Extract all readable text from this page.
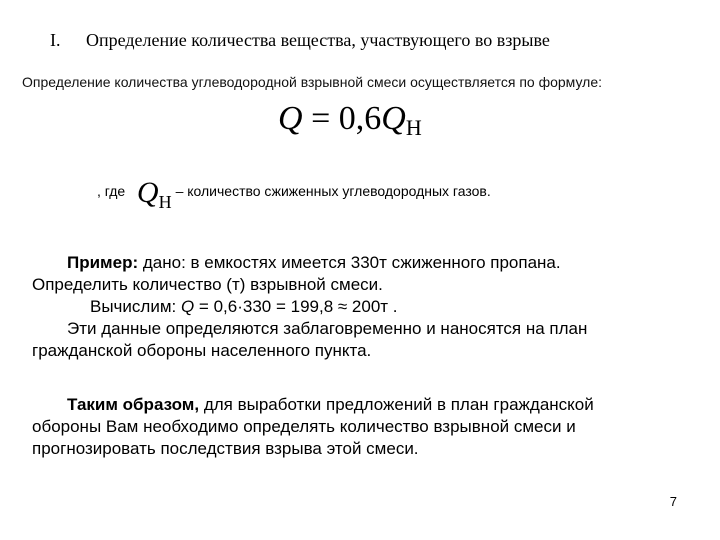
I. Определение количества вещества, участвующего во взрыве
Определение количества углеводородной взрывной смеси осуществляется по формуле:
Q = 0,6QН
, где QН– количество сжиженных углеводородных газов.
Пример: дано: в емкостях имеется 330т сжиженного пропана.
Определить количество (т) взрывной смеси.
Вычислим: Q = 0,6·330 = 199,8 ≈ 200т .
Эти данные определяются заблаговременно и наносятся на план
гражданской обороны населенного пункта.
Таким образом, для выработки предложений в план гражданской
обороны Вам необходимо определять количество взрывной смеси и
прогнозировать последствия взрыва этой смеси.
7
